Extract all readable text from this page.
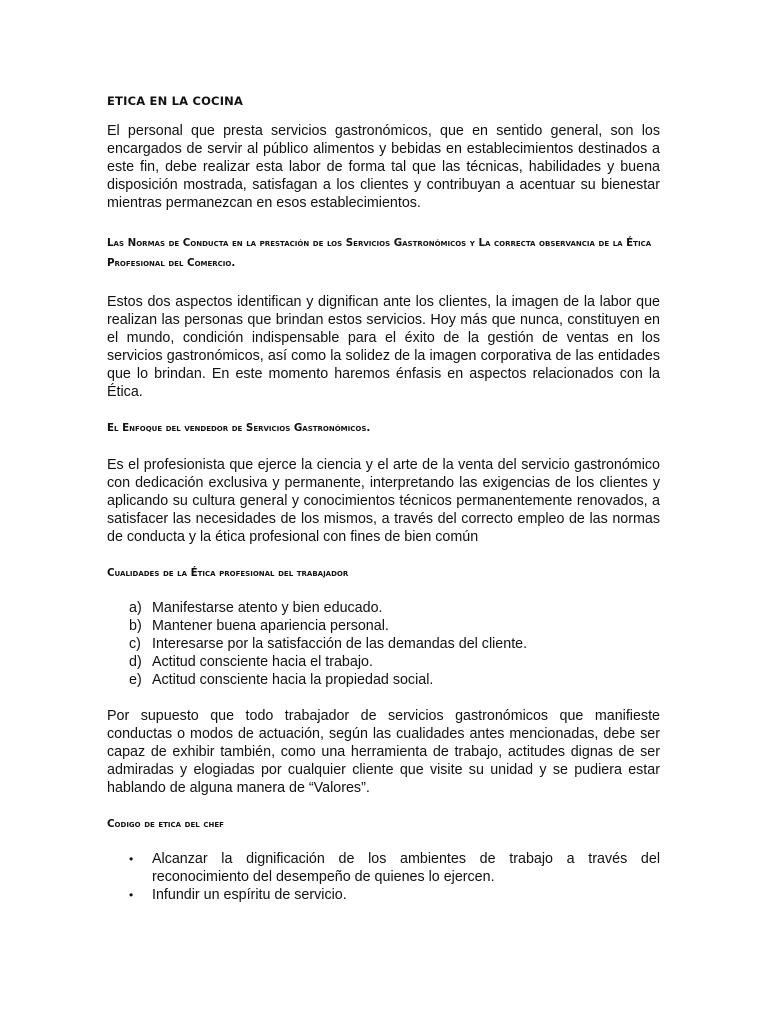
ETICA EN LA COCINA

El personal que presta servicios gastronómicos, que en sentido general, son los encargados de servir al público alimentos y bebidas en establecimientos destinados a este fin, debe realizar esta labor de forma tal que las técnicas, habilidades y buena disposición mostrada, satisfagan a los clientes y contribuyan a acentuar su bienestar mientras permanezcan en esos establecimientos.

Las Normas de Conducta en la prestación de los Servicios Gastronómicos y La correcta observancia de la Ética Profesional del Comercio.

Estos dos aspectos identifican y dignifican ante los clientes, la imagen de la labor que realizan las personas que brindan estos servicios. Hoy más que nunca, constituyen en el mundo, condición indispensable para el éxito de la gestión de ventas en los servicios gastronómicos, así como la solidez de la imagen corporativa de las entidades que lo brindan. En este momento haremos énfasis en aspectos relacionados con la Ética.

El Enfoque del vendedor de Servicios Gastronómicos.

Es el profesionista que ejerce la ciencia y el arte de la venta del servicio gastronómico con dedicación exclusiva y permanente, interpretando las exigencias de los clientes y aplicando su cultura general y conocimientos técnicos permanentemente renovados, a satisfacer las necesidades de los mismos, a través del correcto empleo de las normas de conducta y la ética profesional con fines de bien común

Cualidades de la Ética profesional del trabajador
a) Manifestarse atento y bien educado.
b) Mantener buena apariencia personal.
c) Interesarse por la satisfacción de las demandas del cliente.
d) Actitud consciente hacia el trabajo.
e) Actitud consciente hacia la propiedad social.

Por supuesto que todo trabajador de servicios gastronómicos que manifieste conductas o modos de actuación, según las cualidades antes mencionadas, debe ser capaz de exhibir también, como una herramienta de trabajo, actitudes dignas de ser admiradas y elogiadas por cualquier cliente que visite su unidad y se pudiera estar hablando de alguna manera de “Valores”.

Codigo de etica del chef
• Alcanzar la dignificación de los ambientes de trabajo a través del reconocimiento del desempeño de quienes lo ejercen.
• Infundir un espíritu de servicio.
